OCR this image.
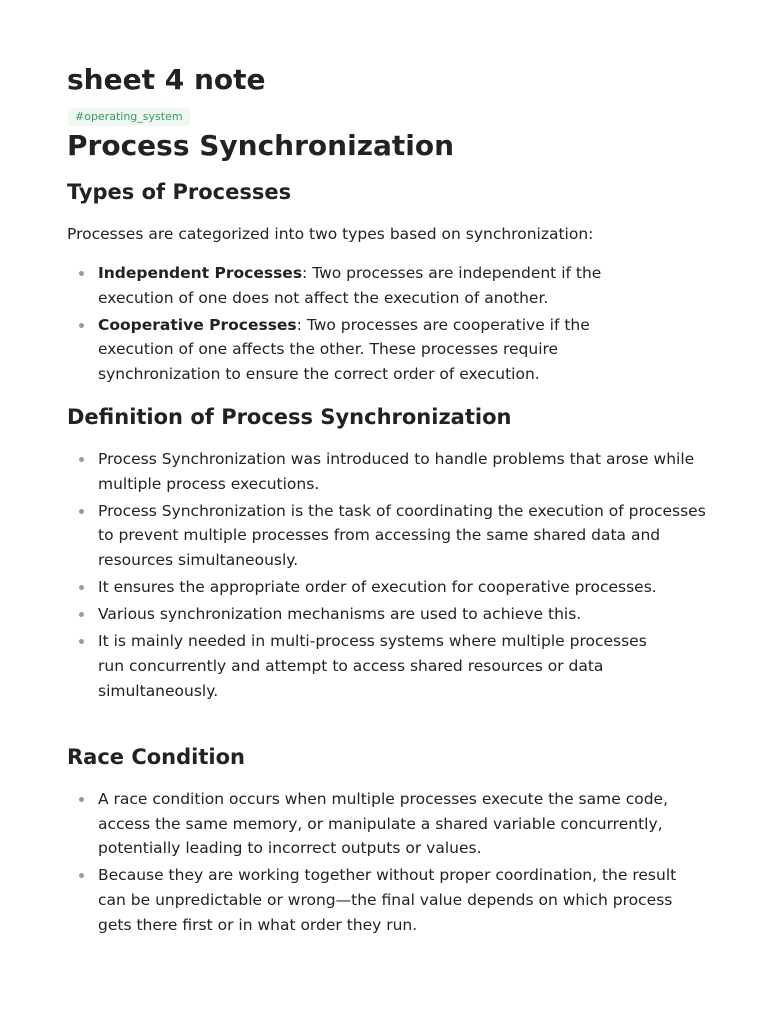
sheet 4 note
#operating_system
Process Synchronization
Types of Processes

Processes are categorized into two types based on synchronization:

Independent Processes: Two processes are independent if the execution of one does not affect the execution of another.
Cooperative Processes: Two processes are cooperative if the execution of one affects the other. These processes require synchronization to ensure the correct order of execution.
Definition of Process Synchronization
Process Synchronization was introduced to handle problems that arose while multiple process executions.
Process Synchronization is the task of coordinating the execution of processes to prevent multiple processes from accessing the same shared data and resources simultaneously.
It ensures the appropriate order of execution for cooperative processes.
Various synchronization mechanisms are used to achieve this.
It is mainly needed in multi-process systems where multiple processes run concurrently and attempt to access shared resources or data simultaneously.
Race Condition
A race condition occurs when multiple processes execute the same code, access the same memory, or manipulate a shared variable concurrently, potentially leading to incorrect outputs or values.
Because they are working together without proper coordination, the result can be unpredictable or wrong—the final value depends on which process gets there first or in what order they run.
